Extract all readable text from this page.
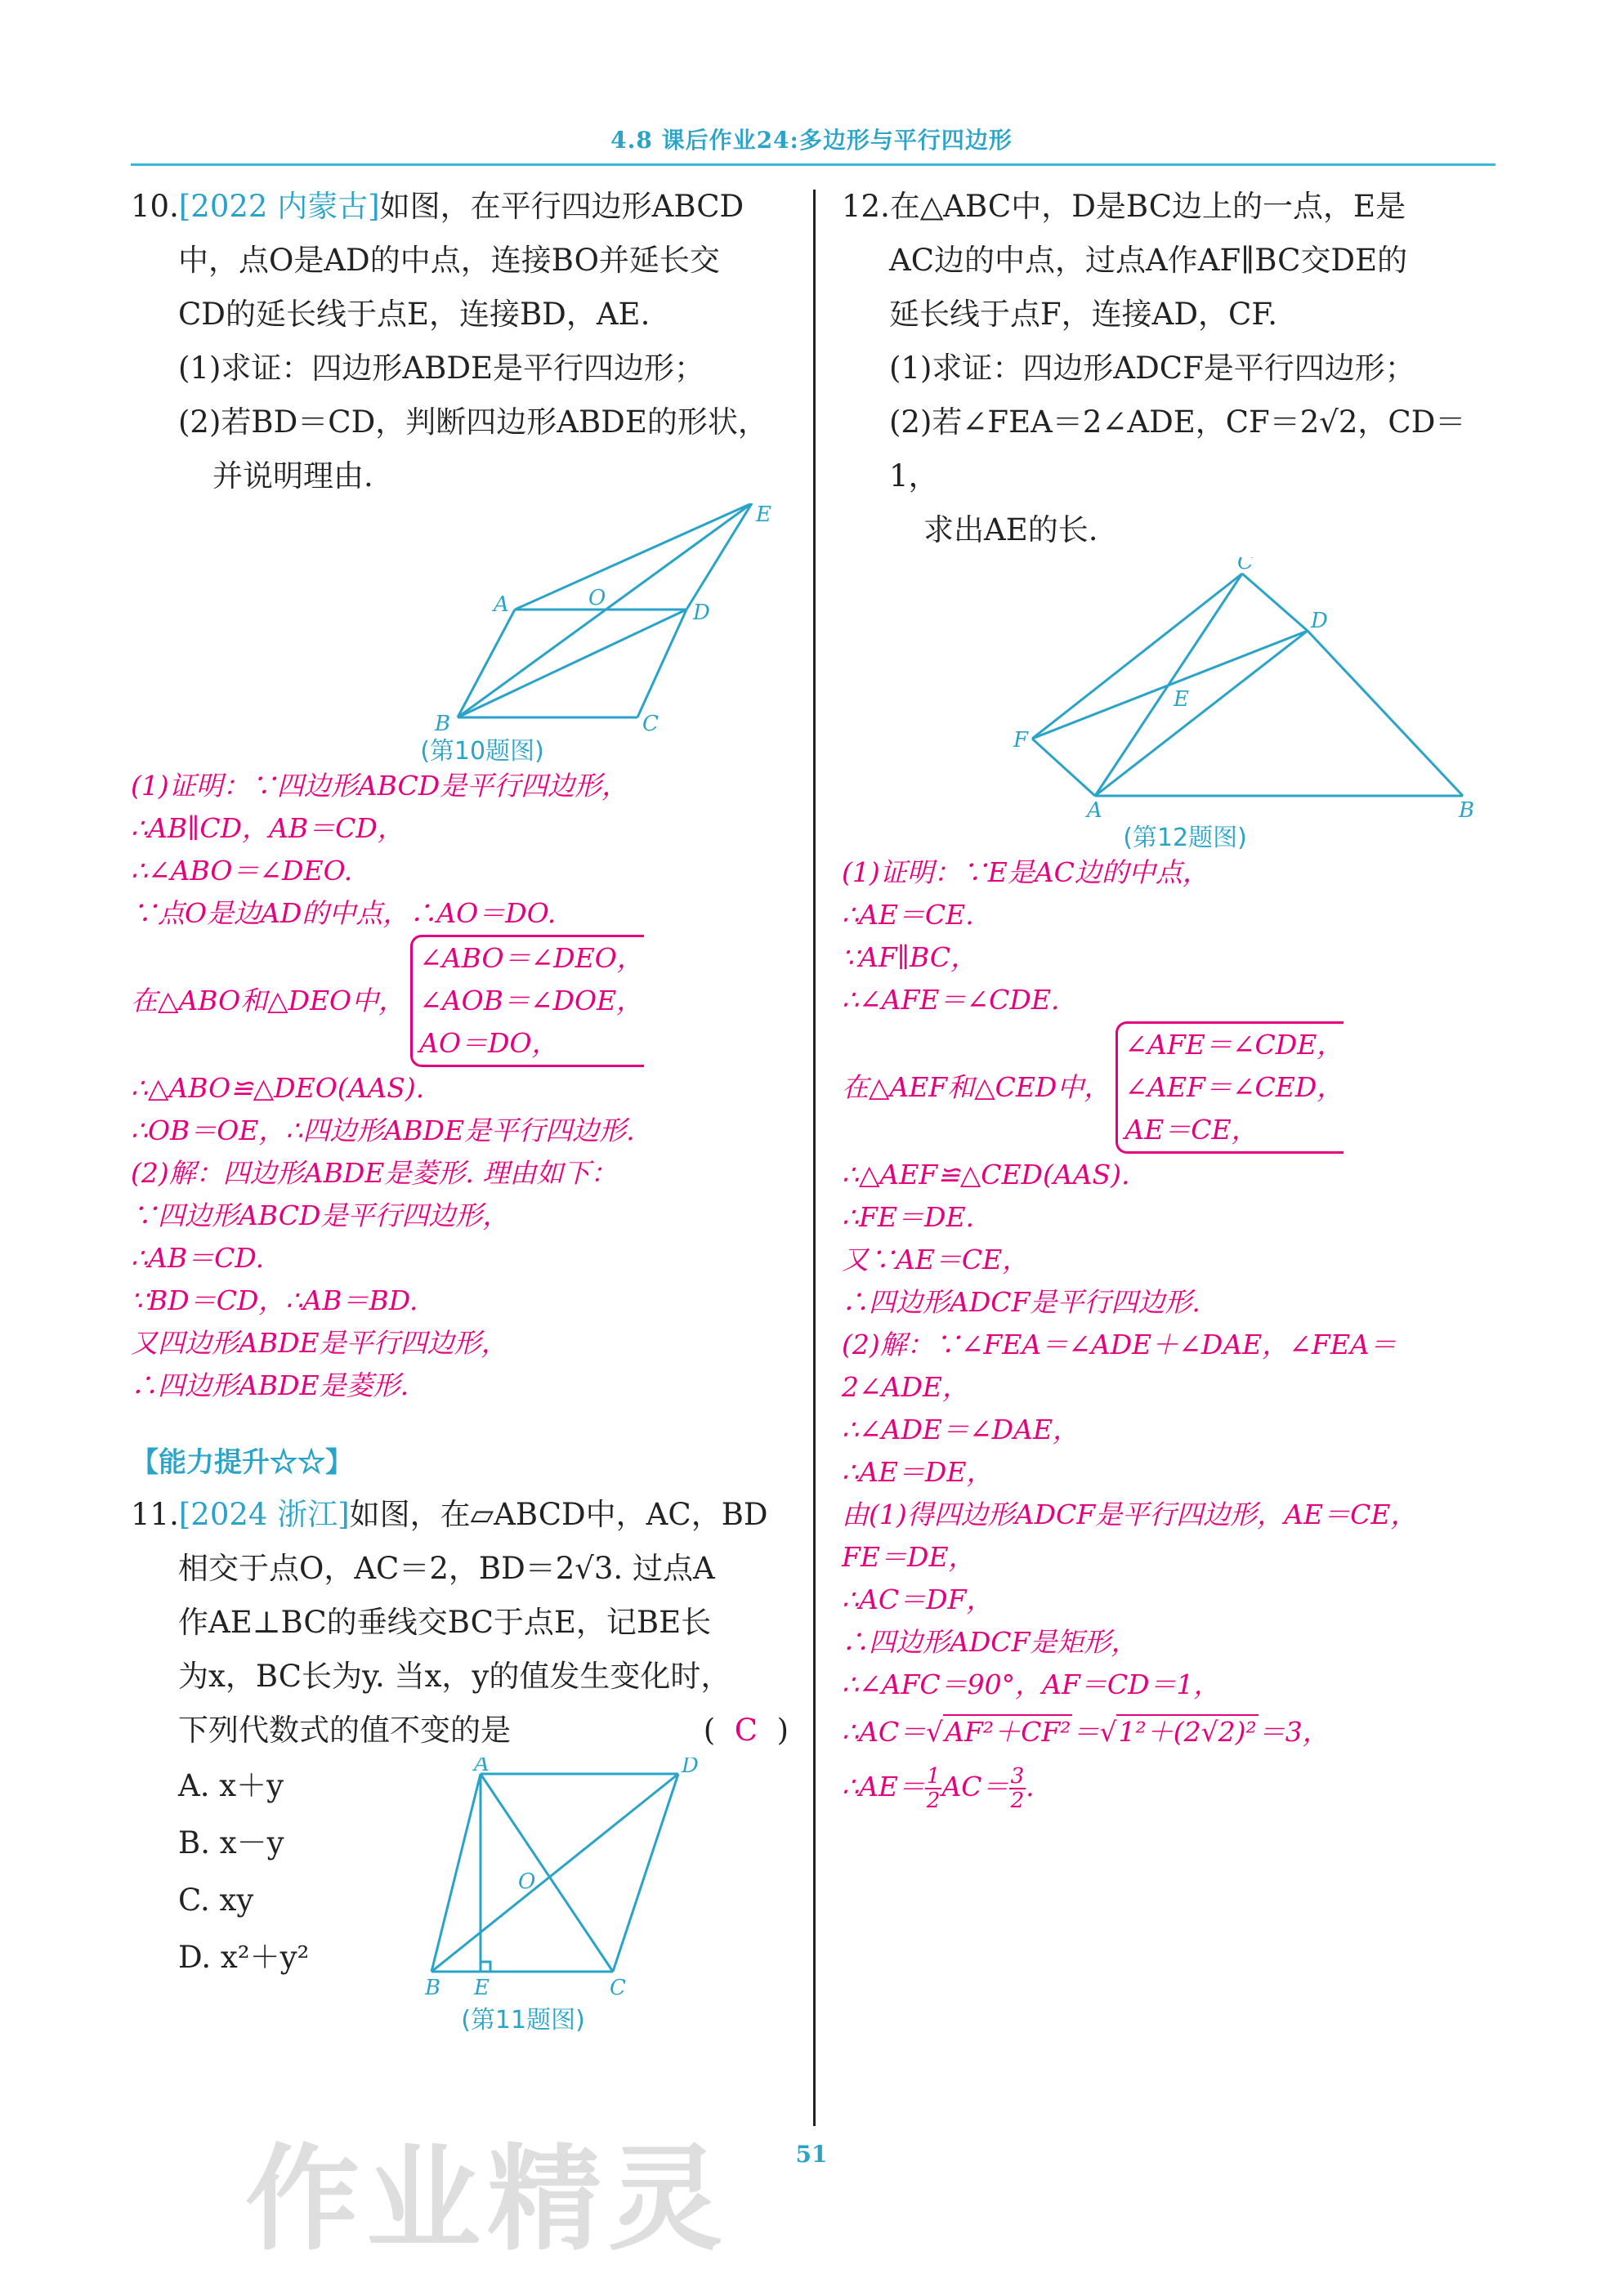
4.8 课后作业24:多边形与平行四边形

10.[2022 内蒙古]如图，在平行四边形ABCD

中，点O是AD的中点，连接BO并延长交

CD的延长线于点E，连接BD，AE.

(1)求证：四边形ABDE是平行四边形；

(2)若BD＝CD，判断四边形ABDE的形状，

并说明理由.

A	O
D
E
B	C
(第10题图)

(1)证明：∵四边形ABCD是平行四边形，

∴AB∥CD，AB＝CD，

∴∠ABO＝∠DEO.

∵点O是边AD的中点，∴AO＝DO.

在△ABO和△DEO中，

∠ABO＝∠DEO，

∠AOB＝∠DOE，

AO＝DO，

∴△ABO≌△DEO(AAS).

∴OB＝OE，∴四边形ABDE是平行四边形.

(2)解：四边形ABDE是菱形. 理由如下：

∵四边形ABCD是平行四边形，

∴AB＝CD.

∵BD＝CD，∴AB＝BD.

又四边形ABDE是平行四边形，

∴四边形ABDE是菱形.

【能力提升☆☆】

11.[2024 浙江]如图，在▱ABCD中，AC，BD

相交于点O，AC＝2，BD＝2√3. 过点A

作AE⊥BC的垂线交BC于点E，记BE长

为x，BC长为y. 当x，y的值发生变化时，

下列代数式的值不变的是	( C )

A. x＋y
B. x－y
C. xy
D. x²＋y²
A	D
O
B E	C
(第11题图)

12.在△ABC中，D是BC边上的一点，E是

AC边的中点，过点A作AF∥BC交DE的

延长线于点F，连接AD，CF.

(1)求证：四边形ADCF是平行四边形；

(2)若∠FEA＝2∠ADE，CF＝2√2，CD＝1，

求出AE的长.

C
D
E
F
A	B
(第12题图)

(1)证明：∵E是AC边的中点，

∴AE＝CE.

∵AF∥BC，

∴∠AFE＝∠CDE.

在△AEF和△CED中，

∠AFE＝∠CDE，

∠AEF＝∠CED，

AE＝CE，

∴△AEF≌△CED(AAS).

∴FE＝DE.

又∵AE＝CE，

∴四边形ADCF是平行四边形.

(2)解：∵∠FEA＝∠ADE＋∠DAE，∠FEA＝

2∠ADE，

∴∠ADE＝∠DAE，

∴AE＝DE，

由(1)得四边形ADCF是平行四边形，AE＝CE，

FE＝DE，

∴AC＝DF，

∴四边形ADCF是矩形，

∴∠AFC＝90°，AF＝CD＝1，

∴AC＝√AF²＋CF²＝√1²＋(2√2)²＝3，

∴AE＝ $\frac{1}{2} AC= \frac{3}{2}$ .

51
作业精灵
